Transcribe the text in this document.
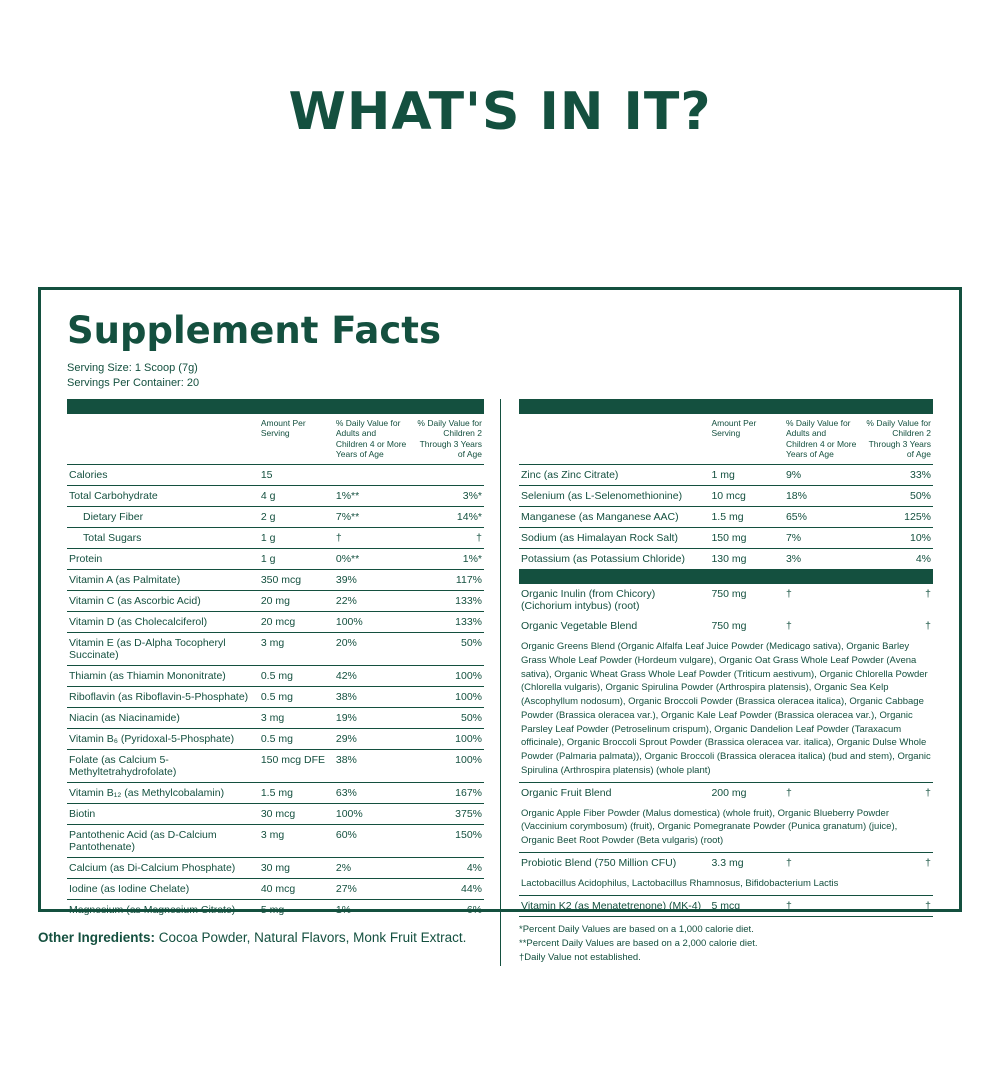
WHAT'S IN IT?
Supplement Facts
Serving Size: 1 Scoop (7g)
Servings Per Container: 20

	Amount Per Serving	% Daily Value for Adults and Children 4 or More Years of Age	% Daily Value for Children 2 Through 3 Years of Age
Calories	15		
Total Carbohydrate	4 g	1%**	3%*
Dietary Fiber	2 g	7%**	14%*
Total Sugars	1 g	†	†
Protein	1 g	0%**	1%*
Vitamin A (as Palmitate)	350 mcg	39%	117%
Vitamin C (as Ascorbic Acid)	20 mg	22%	133%
Vitamin D (as Cholecalciferol)	20 mcg	100%	133%
Vitamin E (as D-Alpha Tocopheryl Succinate)	3 mg	20%	50%
Thiamin (as Thiamin Mononitrate)	0.5 mg	42%	100%
Riboflavin (as Riboflavin-5-Phosphate)	0.5 mg	38%	100%
Niacin (as Niacinamide)	3 mg	19%	50%
Vitamin B₆ (Pyridoxal-5-Phosphate)	0.5 mg	29%	100%
Folate (as Calcium 5-Methyltetrahydrofolate)	150 mcg DFE	38%	100%
Vitamin B₁₂ (as Methylcobalamin)	1.5 mg	63%	167%
Biotin	30 mcg	100%	375%
Pantothenic Acid (as D-Calcium Pantothenate)	3 mg	60%	150%
Calcium (as Di-Calcium Phosphate)	30 mg	2%	4%
Iodine (as Iodine Chelate)	40 mcg	27%	44%
Magnesium (as Magnesium Citrate)	5 mg	1%	6%

	Amount Per Serving	% Daily Value for Adults and Children 4 or More Years of Age	% Daily Value for Children 2 Through 3 Years of Age
Zinc (as Zinc Citrate)	1 mg	9%	33%
Selenium (as L-Selenomethionine)	10 mcg	18%	50%
Manganese (as Manganese AAC)	1.5 mg	65%	125%
Sodium (as Himalayan Rock Salt)	150 mg	7%	10%
Potassium (as Potassium Chloride)	130 mg	3%	4%

Organic Inulin (from Chicory) (Cichorium intybus) (root)	750 mg	†	†
Organic Vegetable Blend	750 mg	†	†
Organic Greens Blend (Organic Alfalfa Leaf Juice Powder (Medicago sativa), Organic Barley Grass Whole Leaf Powder (Hordeum vulgare), Organic Oat Grass Whole Leaf Powder (Avena sativa), Organic Wheat Grass Whole Leaf Powder (Triticum aestivum), Organic Chlorella Powder (Chlorella vulgaris), Organic Spirulina Powder (Arthrospira platensis), Organic Sea Kelp (Ascophyllum nodosum), Organic Broccoli Powder (Brassica oleracea italica), Organic Cabbage Powder (Brassica oleracea var.), Organic Kale Leaf Powder (Brassica oleracea var.), Organic Parsley Leaf Powder (Petroselinum crispum), Organic Dandelion Leaf Powder (Taraxacum officinale), Organic Broccoli Sprout Powder (Brassica oleracea var. italica), Organic Dulse Whole Powder (Palmaria palmata)), Organic Broccoli (Brassica oleracea italica) (bud and stem), Organic Spirulina (Arthrospira platensis) (whole plant)			
Organic Fruit Blend	200 mg	†	†
Organic Apple Fiber Powder (Malus domestica) (whole fruit), Organic Blueberry Powder (Vaccinium corymbosum) (fruit), Organic Pomegranate Powder (Punica granatum) (juice), Organic Beet Root Powder (Beta vulgaris) (root)			
Probiotic Blend (750 Million CFU)	3.3 mg	†	†
Lactobacillus Acidophilus, Lactobacillus Rhamnosus, Bifidobacterium Lactis			
Vitamin K2 (as Menatetrenone) (MK-4)	5 mcg	†	†
*Percent Daily Values are based on a 1,000 calorie diet.
**Percent Daily Values are based on a 2,000 calorie diet.
†Daily Value not established.
Other Ingredients: Cocoa Powder, Natural Flavors, Monk Fruit Extract.
